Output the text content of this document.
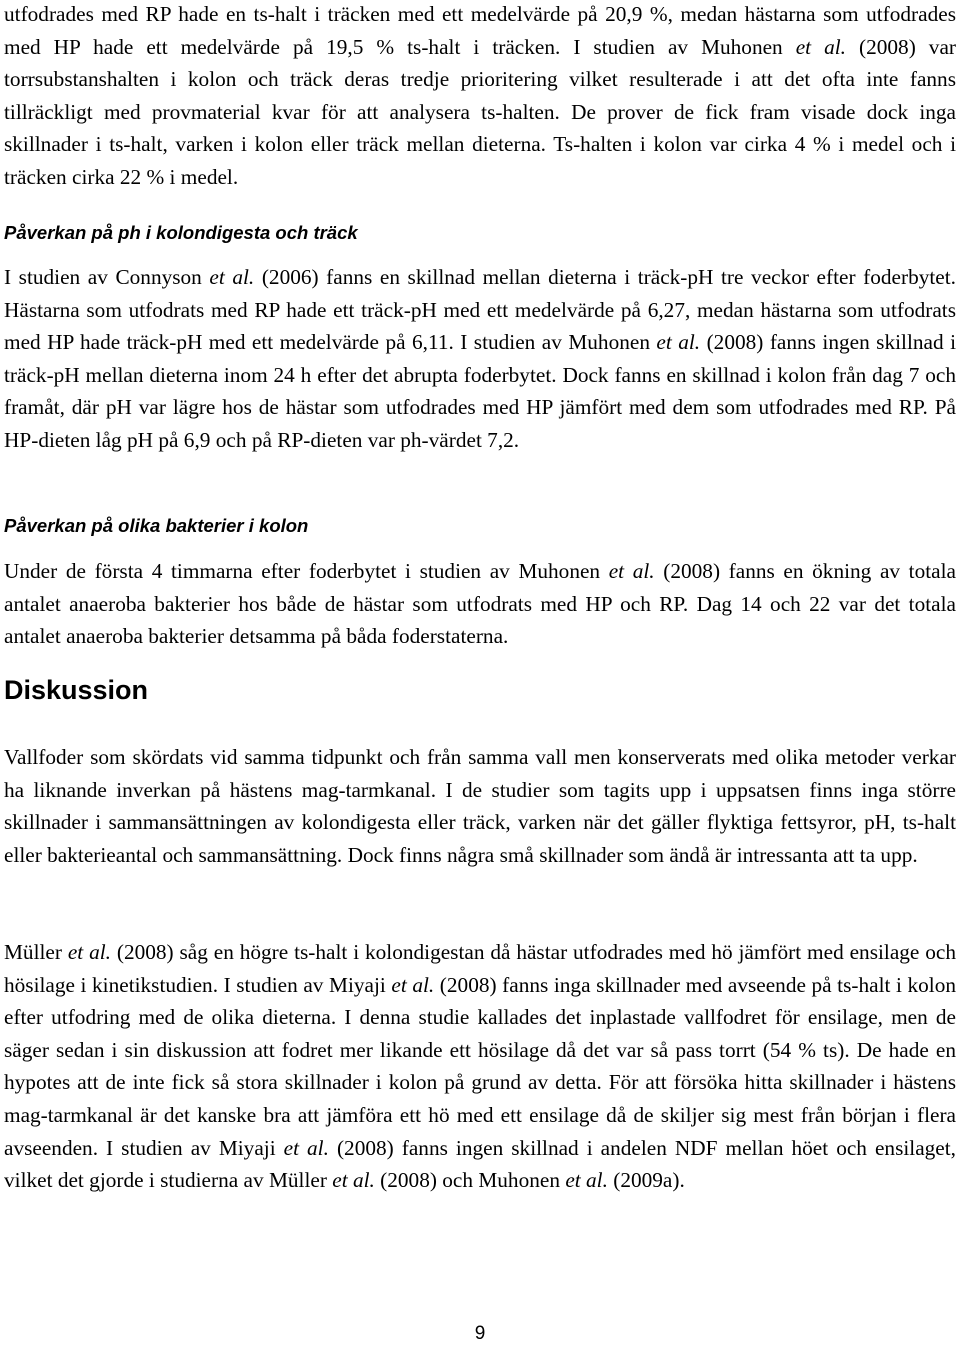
utfodrades med RP hade en ts-halt i träcken med ett medelvärde på 20,9 %, medan hästarna som utfodrades med HP hade ett medelvärde på 19,5 % ts-halt i träcken. I studien av Muhonen et al. (2008) var torrsubstanshalten i kolon och träck deras tredje prioritering vilket resulterade i att det ofta inte fanns tillräckligt med provmaterial kvar för att analysera ts-halten. De prover de fick fram visade dock inga skillnader i ts-halt, varken i kolon eller träck mellan dieterna. Ts-halten i kolon var cirka 4 % i medel och i träcken cirka 22 % i medel.

Påverkan på ph i kolondigesta och träck

I studien av Connyson et al. (2006) fanns en skillnad mellan dieterna i träck-pH tre veckor efter foderbytet. Hästarna som utfodrats med RP hade ett träck-pH med ett medelvärde på 6,27, medan hästarna som utfodrats med HP hade träck-pH med ett medelvärde på 6,11. I studien av Muhonen et al. (2008) fanns ingen skillnad i träck-pH mellan dieterna inom 24 h efter det abrupta foderbytet. Dock fanns en skillnad i kolon från dag 7 och framåt, där pH var lägre hos de hästar som utfodrades med HP jämfört med dem som utfodrades med RP. På HP-dieten låg pH på 6,9 och på RP-dieten var ph-värdet 7,2.

Påverkan på olika bakterier i kolon

Under de första 4 timmarna efter foderbytet i studien av Muhonen et al. (2008) fanns en ökning av totala antalet anaeroba bakterier hos både de hästar som utfodrats med HP och RP. Dag 14 och 22 var det totala antalet anaeroba bakterier detsamma på båda foderstaterna.

Diskussion

Vallfoder som skördats vid samma tidpunkt och från samma vall men konserverats med olika metoder verkar ha liknande inverkan på hästens mag-tarmkanal. I de studier som tagits upp i uppsatsen finns inga större skillnader i sammansättningen av kolondigesta eller träck, varken när det gäller flyktiga fettsyror, pH, ts-halt eller bakterieantal och sammansättning. Dock finns några små skillnader som ändå är intressanta att ta upp.

Müller et al. (2008) såg en högre ts-halt i kolondigestan då hästar utfodrades med hö jämfört med ensilage och hösilage i kinetikstudien. I studien av Miyaji et al. (2008) fanns inga skillnader med avseende på ts-halt i kolon efter utfodring med de olika dieterna. I denna studie kallades det inplastade vallfodret för ensilage, men de säger sedan i sin diskussion att fodret mer likande ett hösilage då det var så pass torrt (54 % ts). De hade en hypotes att de inte fick så stora skillnader i kolon på grund av detta. För att försöka hitta skillnader i hästens mag-tarmkanal är det kanske bra att jämföra ett hö med ett ensilage då de skiljer sig mest från början i flera avseenden. I studien av Miyaji et al. (2008) fanns ingen skillnad i andelen NDF mellan höet och ensilaget, vilket det gjorde i studierna av Müller et al. (2008) och Muhonen et al. (2009a).

9
